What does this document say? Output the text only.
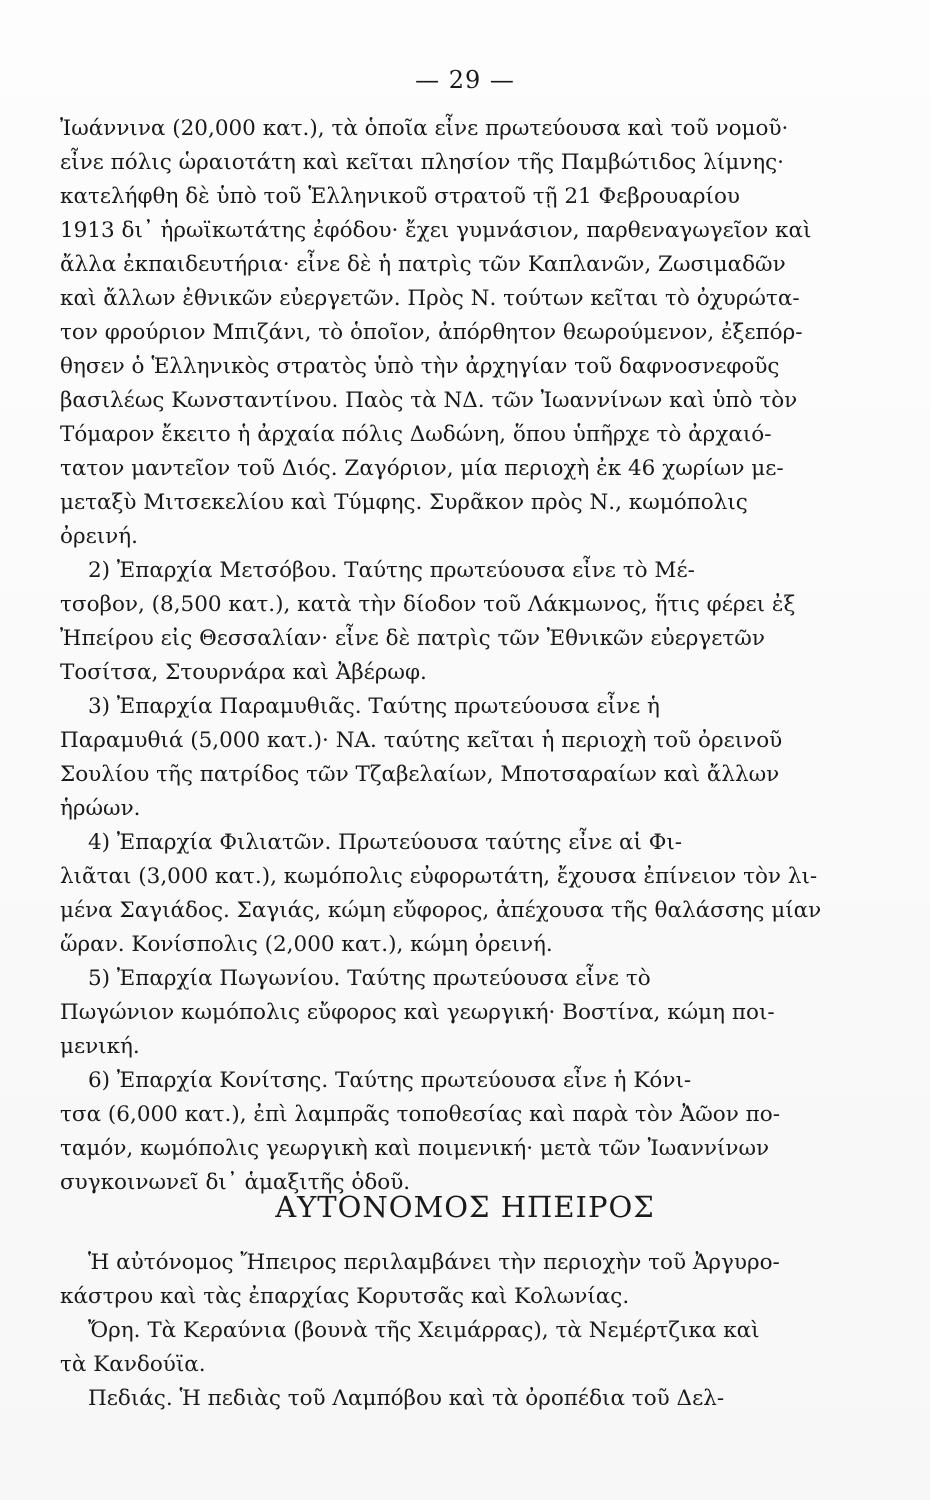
— 29 —
Ἰωάννινα (20,000 κατ.), τὰ ὁποῖα εἶνε πρωτεύουσα καὶ τοῦ νομοῦ·
εἶνε πόλις ὡραιοτάτη καὶ κεῖται πλησίον τῆς Παμβώτιδος λίμνης·
κατελήφθη δὲ ὑπὸ τοῦ Ἑλληνικοῦ στρατοῦ τῇ 21 Φεβρουαρίου
1913 δι᾽ ἡρωϊκωτάτης ἐφόδου· ἔχει γυμνάσιον, παρθεναγωγεῖον καὶ
ἄλλα ἐκπαιδευτήρια· εἶνε δὲ ἡ πατρὶς τῶν Καπλανῶν, Ζωσιμαδῶν
καὶ ἄλλων ἐθνικῶν εὐεργετῶν. Πρὸς Ν. τούτων κεῖται τὸ ὀχυρώτα-
τον φρούριον Μπιζάνι, τὸ ὁποῖον, ἀπόρθητον θεωρούμενον, ἐξεπόρ-
θησεν ὁ Ἑλληνικὸς στρατὸς ὑπὸ τὴν ἀρχηγίαν τοῦ δαφνοσνεφοῦς
βασιλέως Κωνσταντίνου. Παὸς τὰ ΝΔ. τῶν Ἰωαννίνων καὶ ὑπὸ τὸν
Τόμαρον ἔκειτο ἡ ἀρχαία πόλις Δωδώνη, ὅπου ὑπῆρχε τὸ ἀρχαιό-
τατον μαντεῖον τοῦ Διός. Ζαγόριον, μία περιοχὴ ἐκ 46 χωρίων με-
μεταξὺ Μιτσεκελίου καὶ Τύμφης. Συρᾶκον πρὸς Ν., κωμόπολις
ὀρεινή.
2) Ἐπαρχία Μετσόβου. Ταύτης πρωτεύουσα εἶνε τὸ Μέ-
τσοβον, (8,500 κατ.), κατὰ τὴν δίοδον τοῦ Λάκμωνος, ἥτις φέρει ἐξ
Ἠπείρου εἰς Θεσσαλίαν· εἶνε δὲ πατρὶς τῶν Ἐθνικῶν εὐεργετῶν
Τοσίτσα, Στουρνάρα καὶ Ἀβέρωφ.
3) Ἐπαρχία Παραμυθιᾶς. Ταύτης πρωτεύουσα εἶνε ἡ
Παραμυθιά (5,000 κατ.)· ΝΑ. ταύτης κεῖται ἡ περιοχὴ τοῦ ὀρεινοῦ
Σουλίου τῆς πατρίδος τῶν Τζαβελαίων, Μποτσαραίων καὶ ἄλλων
ἡρώων.
4) Ἐπαρχία Φιλιατῶν. Πρωτεύουσα ταύτης εἶνε αἱ Φι-
λιᾶται (3,000 κατ.), κωμόπολις εὐφορωτάτη, ἔχουσα ἐπίνειον τὸν λι-
μένα Σαγιάδος. Σαγιάς, κώμη εὔφορος, ἀπέχουσα τῆς θαλάσσης μίαν
ὥραν. Κονίσπολις (2,000 κατ.), κώμη ὀρεινή.
5) Ἐπαρχία Πωγωνίου. Ταύτης πρωτεύουσα εἶνε τὸ
Πωγώνιον κωμόπολις εὔφορος καὶ γεωργική· Βοστίνα, κώμη ποι-
μενική.
6) Ἐπαρχία Κονίτσης. Ταύτης πρωτεύουσα εἶνε ἡ Κόνι-
τσα (6,000 κατ.), ἐπὶ λαμπρᾶς τοποθεσίας καὶ παρὰ τὸν Ἀῶον πο-
ταμόν, κωμόπολις γεωργικὴ καὶ ποιμενική· μετὰ τῶν Ἰωαννίνων
συγκοινωνεῖ δι᾽ ἁμαξιτῆς ὁδοῦ.
ΑΥΤΟΝΟΜΟΣ ΗΠΕΙΡΟΣ
Ἡ αὐτόνομος Ἤπειρος περιλαμβάνει τὴν περιοχὴν τοῦ Ἀργυρο-
κάστρου καὶ τὰς ἐπαρχίας Κορυτσᾶς καὶ Κολωνίας.
Ὄρη. Τὰ Κεραύνια (βουνὰ τῆς Χειμάρρας), τὰ Νεμέρτζικα καὶ
τὰ Κανδούϊα.
Πεδιάς. Ἡ πεδιὰς τοῦ Λαμπόβου καὶ τὰ ὀροπέδια τοῦ Δελ-
